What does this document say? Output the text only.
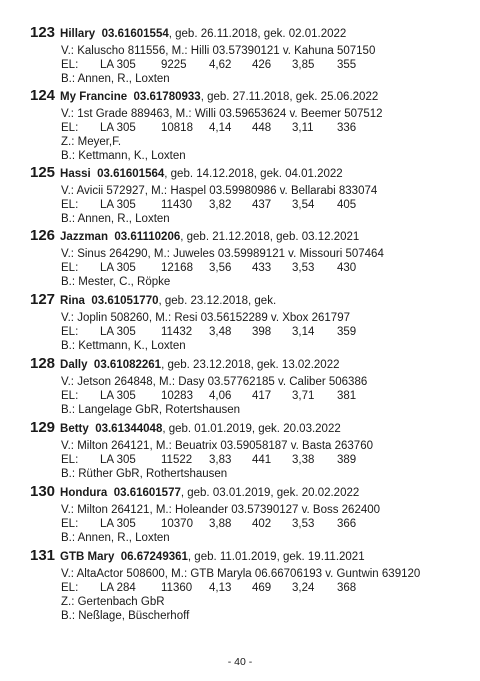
123 Hillary 03.61601554, geb. 26.11.2018, gek. 02.01.2022
V.: Kaluscho 811556, M.: Hilli 03.57390121 v. Kahuna 507150
EL: LA 305 9225 4,62 426 3,85 355
B.: Annen, R., Loxten
124 My Francine 03.61780933, geb. 27.11.2018, gek. 25.06.2022
V.: 1st Grade 889463, M.: Willi 03.59653624 v. Beemer 507512
EL: LA 305 10818 4,14 448 3,11 336
Z.: Meyer,F.
B.: Kettmann, K., Loxten
125 Hassi 03.61601564, geb. 14.12.2018, gek. 04.01.2022
V.: Avicii 572927, M.: Haspel 03.59980986 v. Bellarabi 833074
EL: LA 305 11430 3,82 437 3,54 405
B.: Annen, R., Loxten
126 Jazzman 03.61110206, geb. 21.12.2018, geb. 03.12.2021
V.: Sinus 264290, M.: Juweles 03.59989121 v. Missouri 507464
EL: LA 305 12168 3,56 433 3,53 430
B.: Mester, C., Röpke
127 Rina 03.61051770, geb. 23.12.2018, gek.
V.: Joplin 508260, M.: Resi 03.56152289 v. Xbox 261797
EL: LA 305 11432 3,48 398 3,14 359
B.: Kettmann, K., Loxten
128 Dally 03.61082261, geb. 23.12.2018, gek. 13.02.2022
V.: Jetson 264848, M.: Dasy 03.57762185 v. Caliber 506386
EL: LA 305 10283 4,06 417 3,71 381
B.: Langelage GbR, Rotertshausen
129 Betty 03.61344048, geb. 01.01.2019, gek. 20.03.2022
V.: Milton 264121, M.: Beuatrix 03.59058187 v. Basta 263760
EL: LA 305 11522 3,83 441 3,38 389
B.: Rüther GbR, Rothertshausen
130 Hondura 03.61601577, geb. 03.01.2019, gek. 20.02.2022
V.: Milton 264121, M.: Holeander 03.57390127 v. Boss 262400
EL: LA 305 10370 3,88 402 3,53 366
B.: Annen, R., Loxten
131 GTB Mary 06.67249361, geb. 11.01.2019, gek. 19.11.2021
V.: AltaActor 508600, M.: GTB Maryla 06.66706193 v. Guntwin 639120
EL: LA 284 11360 4,13 469 3,24 368
Z.: Gertenbach GbR
B.: Neßlage, Büscherhoff
- 40 -
